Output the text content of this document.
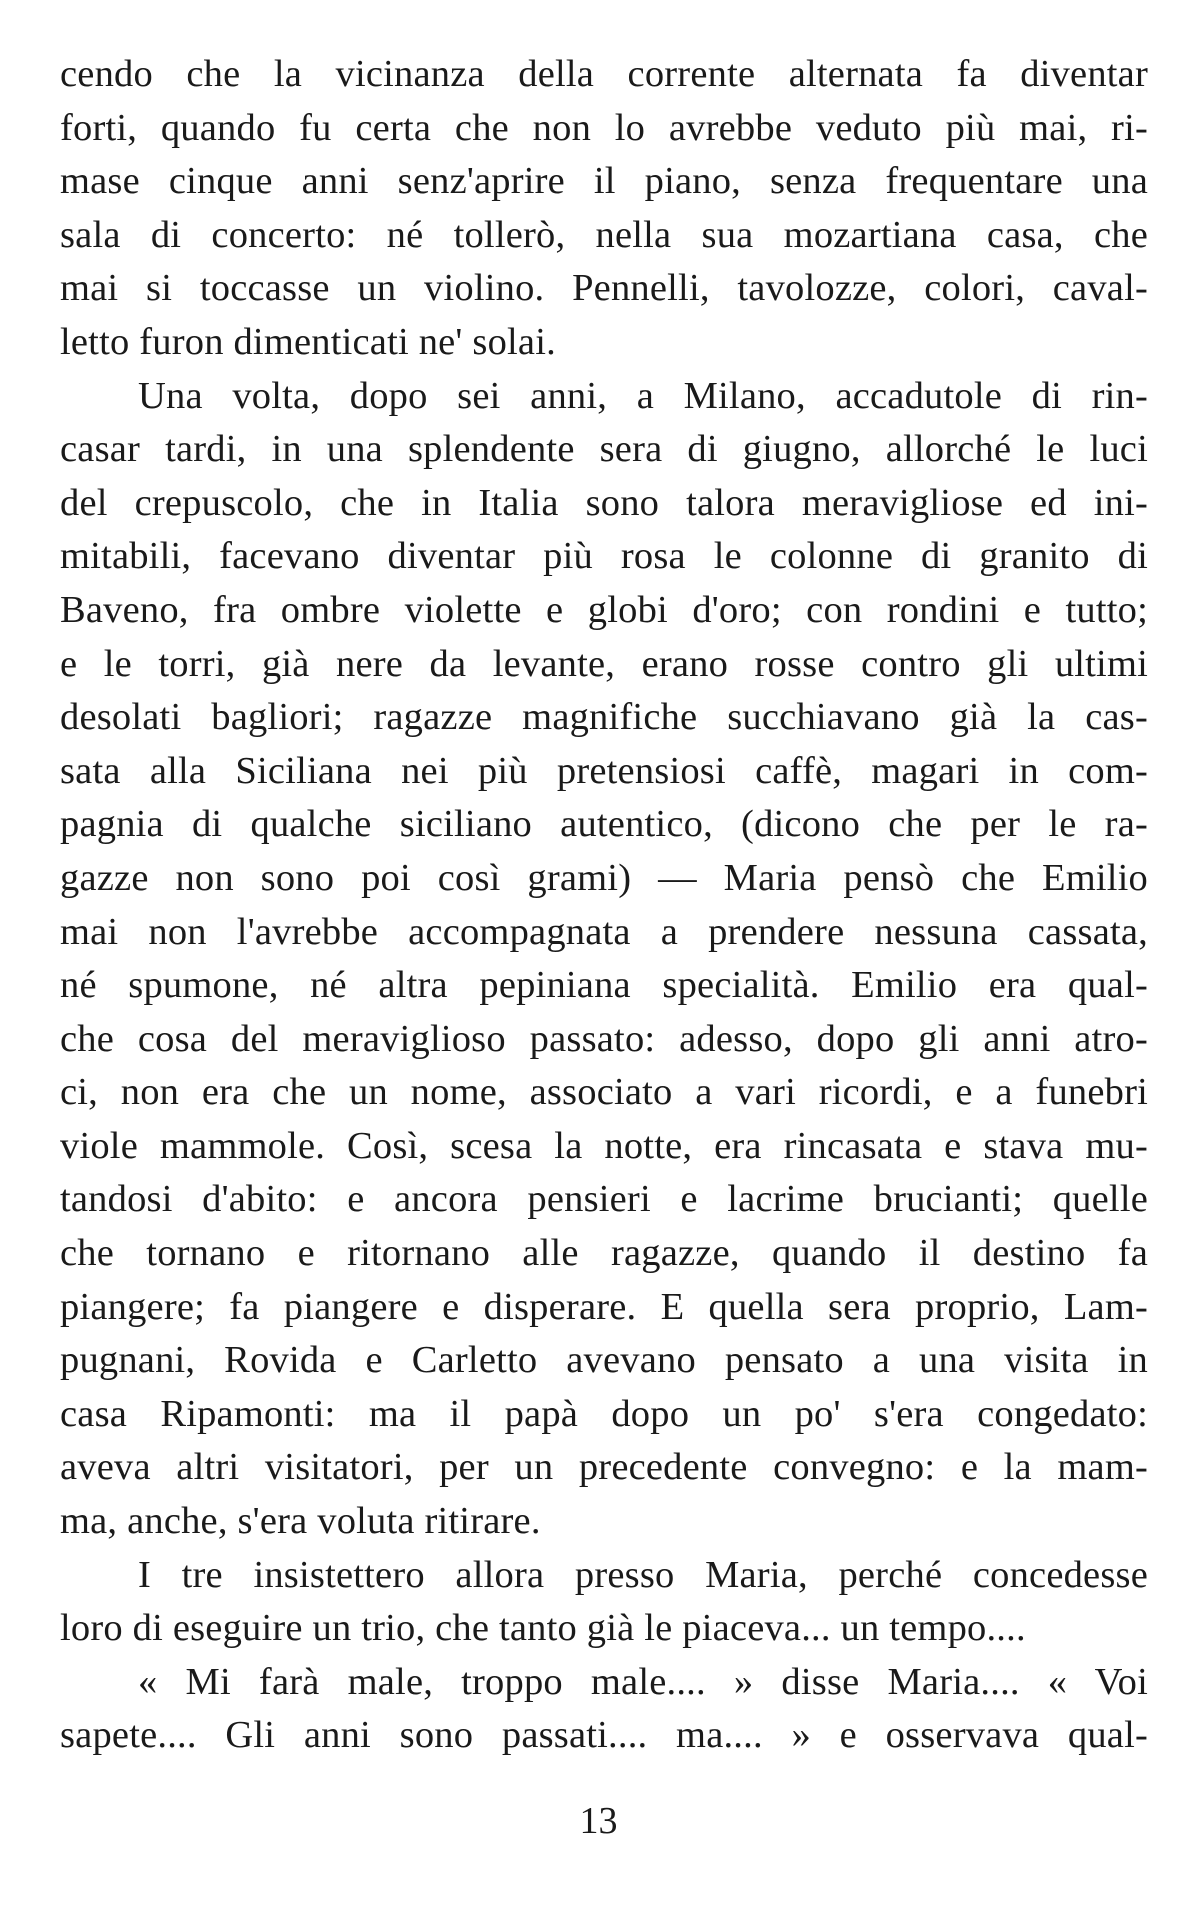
cendo che la vicinanza della corrente alternata fa diventar
forti, quando fu certa che non lo avrebbe veduto più mai, ri-
mase cinque anni senz'aprire il piano, senza frequentare una
sala di concerto: né tollerò, nella sua mozartiana casa, che
mai si toccasse un violino. Pennelli, tavolozze, colori, caval-
letto furon dimenticati ne' solai.
Una volta, dopo sei anni, a Milano, accadutole di rin-
casar tardi, in una splendente sera di giugno, allorché le luci
del crepuscolo, che in Italia sono talora meravigliose ed ini-
mitabili, facevano diventar più rosa le colonne di granito di
Baveno, fra ombre violette e globi d'oro; con rondini e tutto;
e le torri, già nere da levante, erano rosse contro gli ultimi
desolati bagliori; ragazze magnifiche succhiavano già la cas-
sata alla Siciliana nei più pretensiosi caffè, magari in com-
pagnia di qualche siciliano autentico, (dicono che per le ra-
gazze non sono poi così grami) — Maria pensò che Emilio
mai non l'avrebbe accompagnata a prendere nessuna cassata,
né spumone, né altra pepiniana specialità. Emilio era qual-
che cosa del meraviglioso passato: adesso, dopo gli anni atro-
ci, non era che un nome, associato a vari ricordi, e a funebri
viole mammole. Così, scesa la notte, era rincasata e stava mu-
tandosi d'abito: e ancora pensieri e lacrime brucianti; quelle
che tornano e ritornano alle ragazze, quando il destino fa
piangere; fa piangere e disperare. E quella sera proprio, Lam-
pugnani, Rovida e Carletto avevano pensato a una visita in
casa Ripamonti: ma il papà dopo un po' s'era congedato:
aveva altri visitatori, per un precedente convegno: e la mam-
ma, anche, s'era voluta ritirare.
I tre insistettero allora presso Maria, perché concedesse
loro di eseguire un trio, che tanto già le piaceva... un tempo....
« Mi farà male, troppo male.... » disse Maria.... « Voi
sapete.... Gli anni sono passati.... ma.... » e osservava qual-
13
